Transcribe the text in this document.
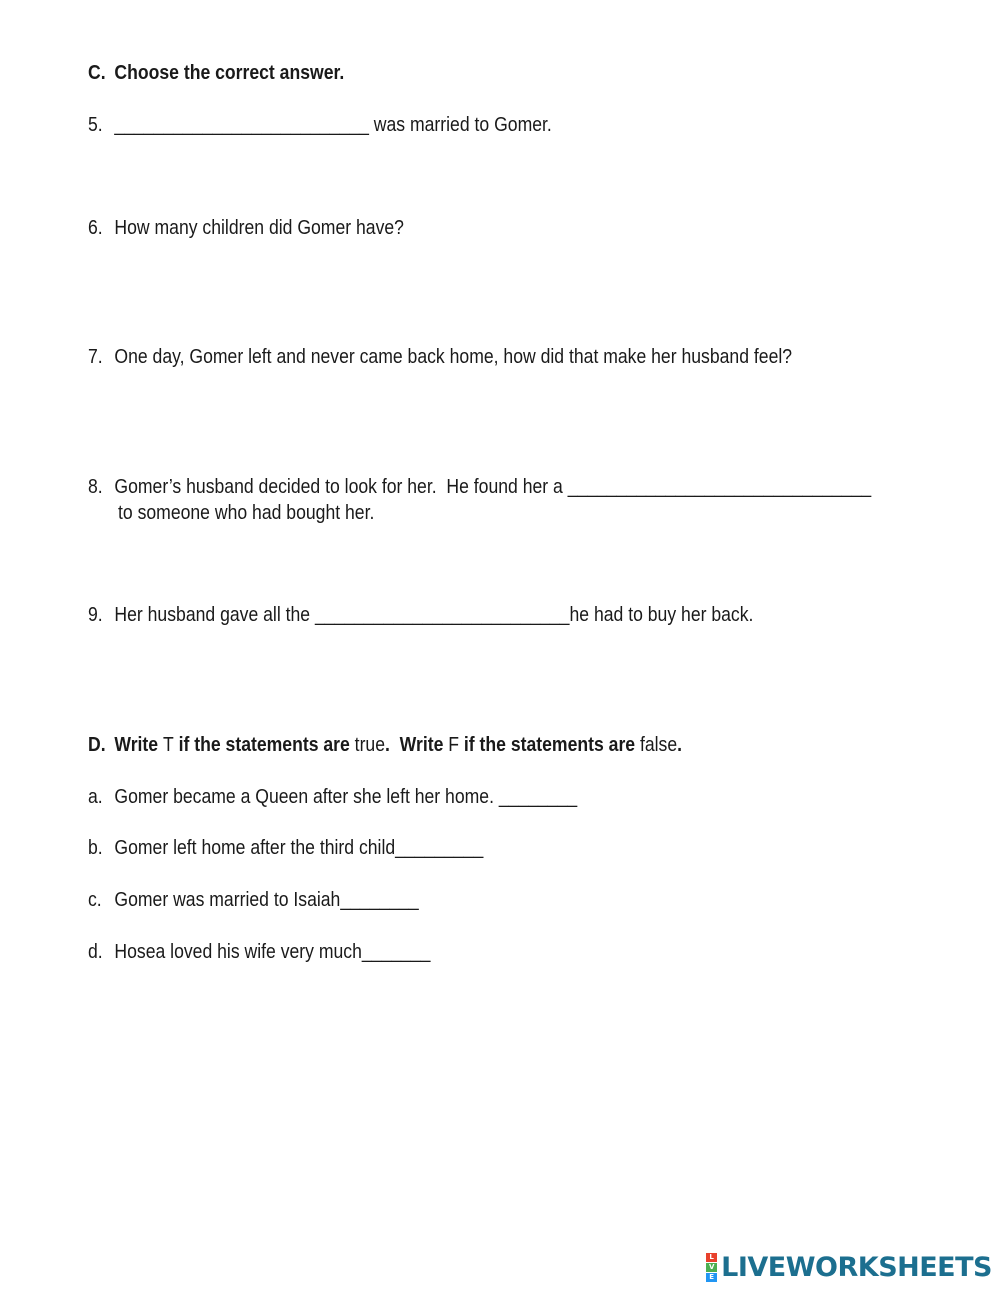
C. Choose the correct answer.
5. __________________________ was married to Gomer.
6. How many children did Gomer have?
7. One day, Gomer left and never came back home, how did that make her husband feel?
8. Gomer’s husband decided to look for her.  He found her a _______________________________
to someone who had bought her.
9. Her husband gave all the __________________________he had to buy her back.
D. Write T if the statements are true.  Write F if the statements are false.
a. Gomer became a Queen after she left her home. ________
b. Gomer left home after the third child_________
c. Gomer was married to Isaiah________
d. Hosea loved his wife very much_______
L
V
E LIVEWORKSHEETS
